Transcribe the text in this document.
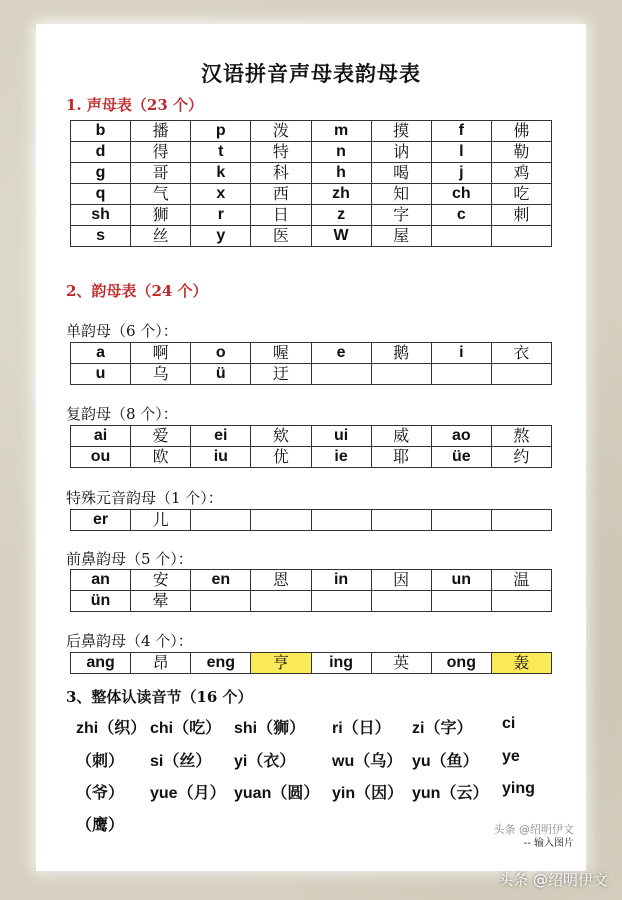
汉语拼音声母表韵母表
1. 声母表（23 个）
b	播	p	泼	m	摸	f	佛
d	得	t	特	n	讷	l	勒
g	哥	k	科	h	喝	j	鸡
q	气	x	西	zh	知	ch	吃
sh	狮	r	日	z	字	c	刺
s	丝	y	医	W	屋		
2、韵母表（24 个）
单韵母（6 个）：
a	啊	o	喔	e	鹅	i	衣
u	乌	ü	迂				
复韵母（8 个）：
ai	爱	ei	欸	ui	威	ao	熬
ou	欧	iu	优	ie	耶	üe	约
特殊元音韵母（1 个）：
er	儿						
前鼻韵母（5 个）：
an	安	en	恩	in	因	un	温
ün	晕						
后鼻韵母（4 个）：
ang	昂	eng	亨	ing	英	ong	轰
3、整体认读音节（16 个）
zhi（织） chi（吃） shi（狮） ri（日） zi（字） ci
（刺） si（丝） yi（衣） wu（乌） yu（鱼） ye
（爷） yue（月） yuan（圆） yin（因） yun（云） ying
（鹰）	头条 @绍明伊文
-- 输入图片
头条 @绍明伊文
